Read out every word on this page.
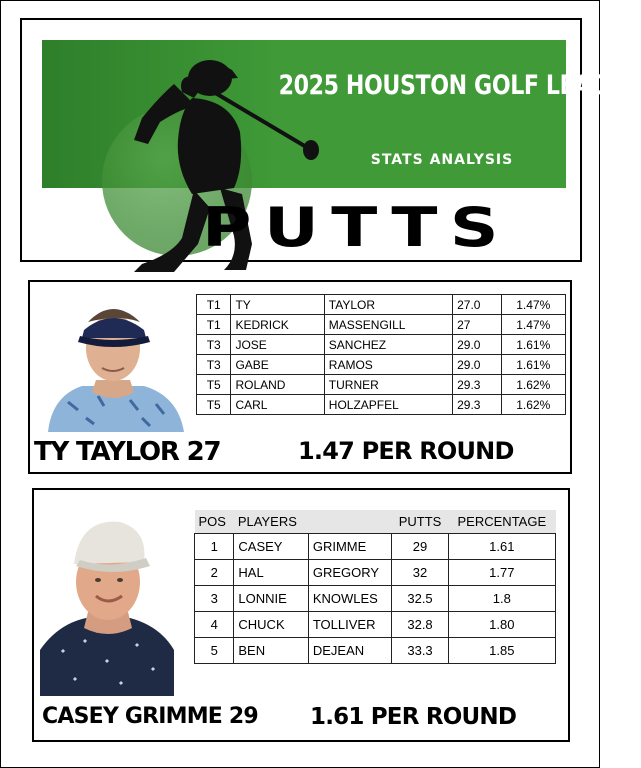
2025 HOUSTON GOLF LEAGUE
STATS ANALYSIS
PUTTS
T1	TY	TAYLOR	27.0	1.47%
T1	KEDRICK	MASSENGILL	27	1.47%
T3	JOSE	SANCHEZ	29.0	1.61%
T3	GABE	RAMOS	29.0	1.61%
T5	ROLAND	TURNER	29.3	1.62%
T5	CARL	HOLZAPFEL	29.3	1.62%
TY TAYLOR 27	1.47 PER ROUND
POS	PLAYERS		PUTTS	PERCENTAGE
1	CASEY	GRIMME	29	1.61
2	HAL	GREGORY	32	1.77
3	LONNIE	KNOWLES	32.5	1.8
4	CHUCK	TOLLIVER	32.8	1.80
5	BEN	DEJEAN	33.3	1.85
CASEY GRIMME 29 1.61 PER ROUND
